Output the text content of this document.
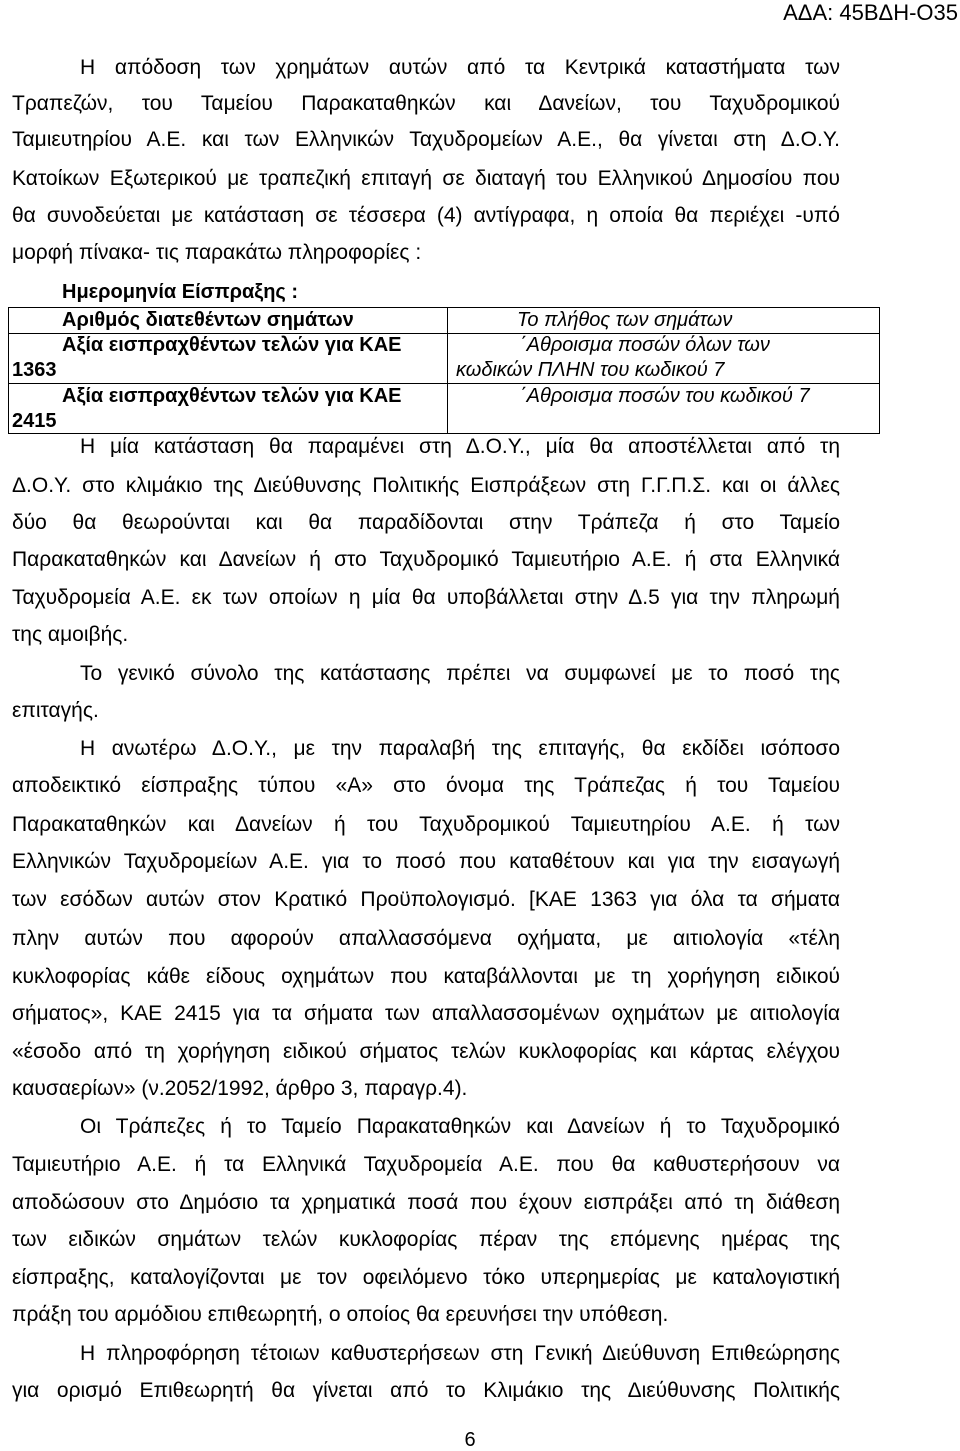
ΑΔΑ: 45ΒΔΗ-Ο35
Η απόδοση των χρημάτων αυτών από τα Κεντρικά καταστήματα των
Τραπεζών, του Ταμείου Παρακαταθηκών και Δανείων, του Ταχυδρομικού
Ταμιευτηρίου Α.Ε. και των Ελληνικών Ταχυδρομείων Α.Ε., θα γίνεται στη Δ.Ο.Υ.
Κατοίκων Εξωτερικού με τραπεζική επιταγή σε διαταγή του Ελληνικού Δημοσίου που
θα συνοδεύεται με κατάσταση σε τέσσερα (4) αντίγραφα, η οποία θα περιέχει -υπό
μορφή πίνακα- τις παρακάτω πληροφορίες :
Ημερομηνία Είσπραξης :
Αριθμός διατεθέντων σημάτων	Το πλήθος των σημάτων
Αξία εισπραχθέντων τελών για ΚΑΕ
1363
΄Αθροισμα ποσών όλων των
κωδικών ΠΛΗΝ του κωδικού 7
Αξία εισπραχθέντων τελών για ΚΑΕ
2415
΄Αθροισμα ποσών του κωδικού 7
Η μία κατάσταση θα παραμένει στη Δ.Ο.Υ., μία θα αποστέλλεται από τη
Δ.Ο.Υ. στο κλιμάκιο της Διεύθυνσης Πολιτικής Εισπράξεων στη Γ.Γ.Π.Σ. και οι άλλες
δύο θα θεωρούνται και θα παραδίδονται στην Τράπεζα ή στο Ταμείο
Παρακαταθηκών και Δανείων ή στο Ταχυδρομικό Ταμιευτήριο Α.Ε. ή στα Ελληνικά
Ταχυδρομεία Α.Ε. εκ των οποίων η μία θα υποβάλλεται στην Δ.5 για την πληρωμή
της αμοιβής.
Το γενικό σύνολο της κατάστασης πρέπει να συμφωνεί με το ποσό της
επιταγής.
Η ανωτέρω Δ.Ο.Υ., με την παραλαβή της επιταγής, θα εκδίδει ισόποσο
αποδεικτικό είσπραξης τύπου «Α» στο όνομα της Τράπεζας ή του Ταμείου
Παρακαταθηκών και Δανείων ή του Ταχυδρομικού Ταμιευτηρίου Α.Ε. ή των
Ελληνικών Ταχυδρομείων Α.Ε. για το ποσό που καταθέτουν και για την εισαγωγή
των εσόδων αυτών στον Κρατικό Προϋπολογισμό. [ΚΑΕ 1363 για όλα τα σήματα
πλην αυτών που αφορούν απαλλασσόμενα οχήματα, με αιτιολογία «τέλη
κυκλοφορίας κάθε είδους οχημάτων που καταβάλλονται με τη χορήγηση ειδικού
σήματος», ΚΑΕ 2415 για τα σήματα των απαλλασσομένων οχημάτων με αιτιολογία
«έσοδο από τη χορήγηση ειδικού σήματος τελών κυκλοφορίας και κάρτας ελέγχου
καυσαερίων» (ν.2052/1992, άρθρο 3, παραγρ.4).
Οι Τράπεζες ή το Ταμείο Παρακαταθηκών και Δανείων ή το Ταχυδρομικό
Ταμιευτήριο Α.Ε. ή τα Ελληνικά Ταχυδρομεία Α.Ε. που θα καθυστερήσουν να
αποδώσουν στο Δημόσιο τα χρηματικά ποσά που έχουν εισπράξει από τη διάθεση
των ειδικών σημάτων τελών κυκλοφορίας πέραν της επόμενης ημέρας της
είσπραξης, καταλογίζονται με τον οφειλόμενο τόκο υπερημερίας με καταλογιστική
πράξη του αρμόδιου επιθεωρητή, ο οποίος θα ερευνήσει την υπόθεση.
Η πληροφόρηση τέτοιων καθυστερήσεων στη Γενική Διεύθυνση Επιθεώρησης
για ορισμό Επιθεωρητή θα γίνεται από το Κλιμάκιο της Διεύθυνσης Πολιτικής
6
